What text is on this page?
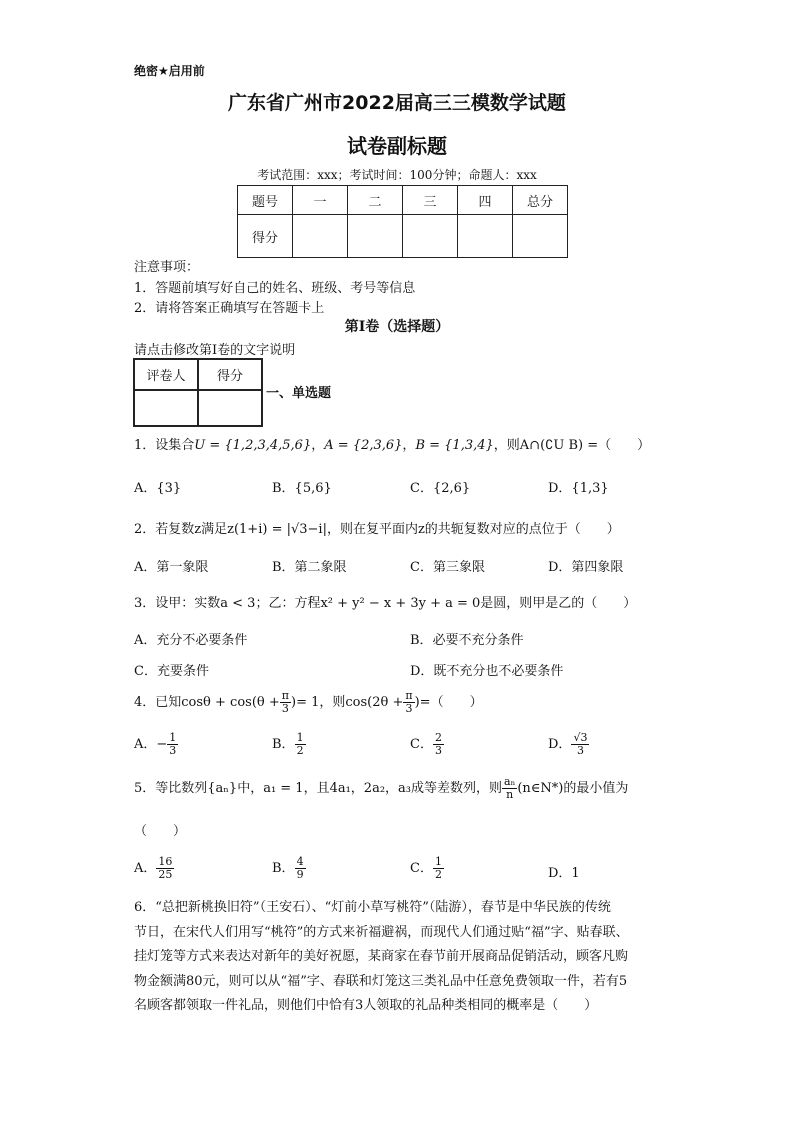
绝密★启用前
广东省广州市2022届高三三模数学试题
试卷副标题
考试范围：xxx；考试时间：100分钟；命题人：xxx
题号	一	二	三	四	总分
得分					
注意事项：
1．答题前填写好自己的姓名、班级、考号等信息
2．请将答案正确填写在答题卡上
第I卷（选择题）
请点击修改第I卷的文字说明
评卷人	得分

一、单选题
1．设集合U = {1,2,3,4,5,6}，A = {2,3,6}，B = {1,3,4}，则A∩(∁U B) =（　　）
A．{3}	B．{5,6}	C．{2,6}	D．{1,3}
2．若复数z满足z(1+i) = |√3−i|，则在复平面内z的共轭复数对应的点位于（　　）
A．第一象限	B．第二象限	C．第三象限	D．第四象限
3．设甲：实数a < 3；乙：方程x² + y² − x + 3y + a = 0是圆，则甲是乙的（　　）
A．充分不必要条件	B．必要不充分条件
C．充要条件	D．既不充分也不必要条件
4．已知$\cos\theta + \cos(\theta + \frac{\pi}{3}$ )= 1，则$\cos(2\theta + \frac{\pi}{3}$ )=（　　）
A．− $\frac{1}{3}$	B． $\frac{1}{2}$	C． $\frac{2}{3}$	D． $\frac{√3}{3}$
5．等比数列{aₙ}中，a₁ = 1，且4a₁，2a₂，a₃成等差数列，则 $\frac{\text{aₙ}}{n}$ (n∈N*)的最小值为
（　　）
A． $\frac{16}{25}$	B． $\frac{4}{9}$	C． $\frac{1}{2}$	D．1

6．“总把新桃换旧符”（王安石）、“灯前小草写桃符”（陆游），春节是中华民族的传统

节日，在宋代人们用写“桃符”的方式来祈福避祸，而现代人们通过贴“福”字、贴春联、

挂灯笼等方式来表达对新年的美好祝愿，某商家在春节前开展商品促销活动，顾客凡购

物金额满80元，则可以从“福”字、春联和灯笼这三类礼品中任意免费领取一件，若有5

名顾客都领取一件礼品，则他们中恰有3人领取的礼品种类相同的概率是（　　）
